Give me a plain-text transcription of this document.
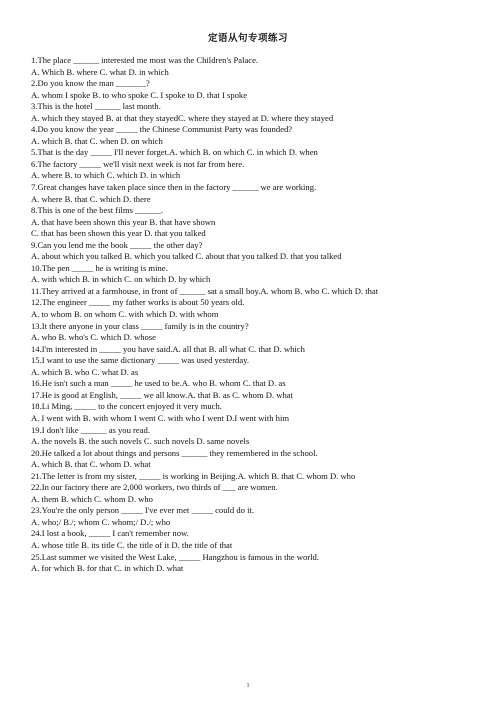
定语从句专项练习
1.The place ______ interested me most was the Children's Palace.
A. Which B. where C. what D. in which
2.Do you know the man _______?
A. whom I spoke B. to who spoke C. I spoke to D. that I spoke
3.This is the hotel ______ last month.
A. which they stayed B. at that they stayedC. where they stayed at D. where they stayed
4.Do you know the year _____ the Chinese Communist Party was founded?
A. which B. that C. when D. on which
5.That is the day _____ I'll never forget.A. which B. on which C. in which D. when
6.The factory _____ we'll visit next week is not far from here.
A. where B. to which C. which D. in which
7.Great changes have taken place since then in the factory ______ we are working.
A. where B. that C. which D. there
8.This is one of the best films ______.
A. that have been shown this year B. that have shown
C. that has been shown this year D. that you talked
9.Can you lend me the book _____ the other day?
A. about which you talked B. which you talked C. about that you talked D. that you talked
10.The pen _____ he is writing is mine.
A. with which B. in which C. on which D. by which
11.They arrived at a farmhouse, in front of ______ sat a small boy.A. whom B. who C. which D. that
12.The engineer _____ my father works is about 50 years old.
A. to whom B. on whom C. with which D. with whom
13.It there anyone in your class _____ family is in the country?
A. who B. who's C. which D. whose
14.I'm interested in _____ you have said.A. all that B. all what C. that D. which
15.I want to use the same dictionary _____ was used yesterday.
A. which B. who C. what D. as
16.He isn't such a man _____ he used to be.A. who B. whom C. that D. as
17.He is good at English, _____ we all know.A. that B. as C. whom D. what
18.Li Ming, _____ to the concert enjoyed it very much.
A. I went with B. with whom I went C. with who I went D.I went with him
19.I don't like ______ as you read.
A. the novels B. the such novels C. such novels D. same novels
20.He talked a lot about things and persons ______ they remembered in the school.
A. which B. that C. whom D. what
21.The letter is from my sister, _____ is working in Beijing.A. which B. that C. whom D. who
22.In our factory there are 2,000 workers, two thirds of ___ are women.
A. them B. which C. whom D. who
23.You're the only person _____ I've ever met _____ could do it.
A. who;/ B./; whom C. whom;/ D./; who
24.I lost a book, _____ I can't remember now.
A. whose title B. its title C. the title of it D. the title of that
25.Last summer we visited the West Lake, _____ Hangzhou is famous in the world.
A. for which B. for that C. in which D. what
1
